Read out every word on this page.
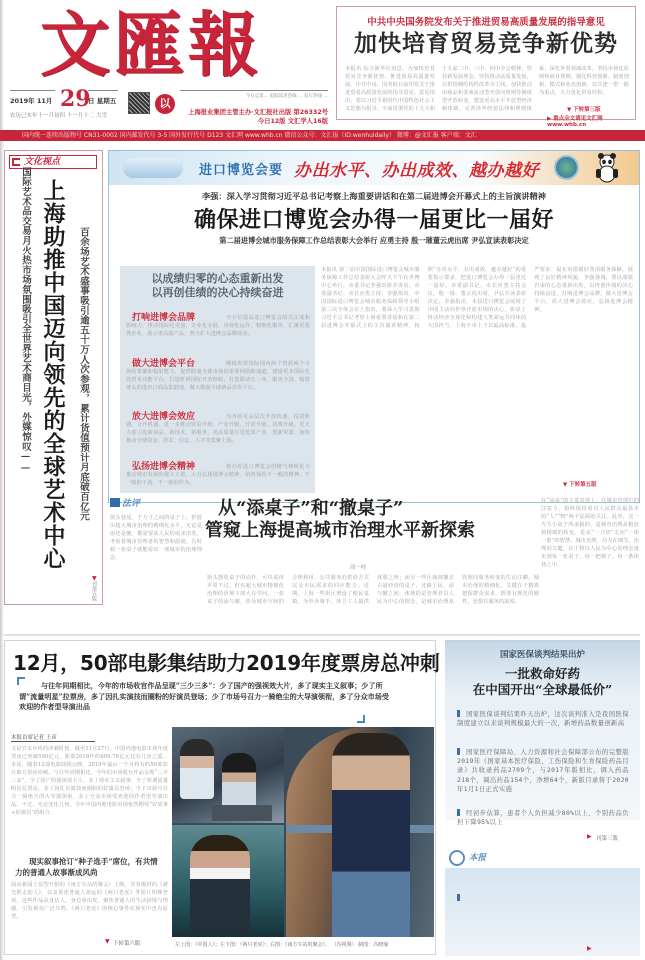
文匯報
2019年 11月 29
日 星期五
农历己亥年十一月初四 十一月十二 大雪
以
今日总第… 追踪读者热线 … 发行热线 …
上海报业集团主管主办·文汇报社出版 第26332号
今日12版 文汇学人16版
中共中央国务院发布关于推进贸易高质量发展的指导意见
加快培育贸易竞争新优势
本报讯 综合新华社消息，为加快培育贸易竞争新优势，推进贸易高质量发展，中共中央、国务院日前印发关于推进贸易高质量发展的指导意见。意见指出，要以习近平新时代中国特色社会主义思想为指导，全面贯彻党的十九大和十九届二中、三中、四中全会精神，坚持新发展理念，坚持推动高质量发展，以供给侧结构性改革为主线，加快推动由商品和要素流动型开放向规则等制度型开放转变，建设更高水平开放型经济新体制，完善涉外经贸法律和规则体系，深化外贸领域改革，坚持市场化原则和商业规则，强化科技创新、制度创新、模式和业态创新，以共建一带一路为重点，大力优化贸易结构。
▼ 下转第三版
▶ 重点全文请见文汇网 www.whb.cn
国内统一连续出版物号 CN31-0002 国内邮发代号 3-5 国外发行代号 D123 文汇网 www.whb.cn 微信公众号：文汇报（ID:wenhuidaily） 微博：@文汇报 客户端：文汇
文化视点
上海助推中国迈向领先的全球艺术中心 百余场艺术盛事吸引逾五十万人次参观，累计货值预计月底破百亿元
国际艺术品交易月火热市场氛围吸引全世界艺术商目光，外媒惊叹——
▼
刊第五版
进口博览会要 办出水平、办出成效、越办越好
李强：深入学习贯彻习近平总书记考察上海重要讲话和在第二届进博会开幕式上的主旨演讲精神
确保进口博览会办得一届更比一届好
第二届进博会城市服务保障工作总结表彰大会举行 应勇主持 殷一璀董云虎出席 尹弘宣读表彰决定
以成绩归零的心态重新出发
以再创佳绩的决心持续奋进
打响进博会品牌	全方位提高进口博览会的关注度和影响力，推动国际化更强、专业化办展、市场化运作、精细化服务，汇聚更优秀企业，展示更高端产品，努力扩大进博会品牌效应。
做大进博会平台	继续发挥国际国内两个资源两个市场的集聚和辐射能力，提供联通全球市场的重要网络和通道，建设更多国际化的贸易功能平台，打造虹桥国际开放枢纽，打造联动长三角、服务全国、辐射亚太的进出口商品集散地，做大做强全球新品首发平台。
放大进博会效应	为各国更高层次开放机遇、投资机遇、合作机遇，进一步推动贸易升级、产业升级、开放升级、消费升级，更大力度引进新展品、新技术、新服务，更高质量引进优质产业，创新资源，加快推动全球资金、技术、信息、人才等集聚上海。
弘扬进博会精神	将办好进口博览会的精气神转化为推动城市发展的强大力量，大力弘扬进博会精神，始终保持不一般的精神、不一般的干劲、不一般的作为。
本报讯 第二届中国国际进口博览会城市服务保障工作总结表彰大会昨天下午在世博中心举行。市委书记李强出席并讲话，市委副书记、市长应勇主持。李强指出，中国国际进口博览会城市服务保障领导小组第三次全体会议上指出，要深入学习贯彻习近平总书记考察上海重要讲话和在第二届进博会开幕式上的主旨演讲精神，按照“办出水平、办出成效、越办越好”的重要指示要求，把进口博览会办得一届更比一届好。市委副书记、市长应勇主持会议，殷一璀、董云虎出席，尹弘宣读表彰决定。李强指出，本届进口博览会展现了中国主动向世界开放市场的决心，彰显了推动经济全球化和构建人类命运共同体的大国担当。上海全市上下以最高标准、最严要求、最实举措做好各项服务保障，展现了良好精神风貌。李强强调，要以成绩归零的心态重新出发，以再创佳绩的决心持续奋进，打响进博会品牌，做大进博会平台，放大进博会效应，弘扬进博会精神。
▼ 下转第五版
法评
街头巷尾，于方寸之间的桌子上，折射出超大城市治理的精细化水平。无论是添还是撤，都需要从人民的需求出发，考验着城市管理者的智慧和温度。有时候一张桌子就能看出一座城市的治理理念。
从“添桌子”和“撤桌子”
管窥上海提高城市治理水平新探索
周一呼
街头摆放桌子的动作，可以说再平常不过，但在超大城市精细化治理的语境下却大有学问。一张桌子的添与撤，涉及城市空间的合理利用、公共服务的供给方式以及市民需求的回应能力。近期，上海一些街区增设了便民桌椅，为外卖骑手、环卫工人提供休憩之所；而另一些区域则撤去占道经营的桌子，还路于民。添与撤之间，体现的是管理者以人民为中心的理念，是城市治理从管理向服务转变的生动注脚。城市治理的精细化，关键在于精准把握群众需求，既要有规范的刚性，也要有服务的温度。
在“添桌”的主要表现上，在城市管理中的注意力，始终保持着对人民群众最基本的“人”“物”两个层面的关注。此外，这一方方小桌子所承载的，是城市治理从粗放到精细的转变，是从“一刀切”走向“一街一策”的智慧。城市治理，功夫在细节。治理的关键，在于将以人民为中心的理念落实到每一张桌子、每一把椅子、每一条街巷之中。
12月，50部电影集结助力2019年度票房总冲刺
与往年同期相比，今年的市场收官作品呈现“三少三多”：少了国产的强视效大片，多了现实主义叙事；少了所谓“流量明星”拉票房，多了因扎实演技而圈粉的好演员登场；少了市场号召力一骑绝尘的大导演领衔，多了分众市场受欢迎的作者型导演出品
本报首席记者 王彦
又是岁末年终的冲刺时刻。截至11月27日，中国内地电影市场年度票房已突破590亿元，距离2018年的609.76亿元仅有几步之遥。本周，随着12部电影陆续公映，2019年最后一个月将有约50部影片助力票房冲刺。与往年同期相比，今年的市场收官作品呈现“三少三多”，少了国产的强视效大片，多了现实主义叙事；少了所谓流量明星拉票房，多了因扎实演技而圈粉的好演员登场；少了市场号召力一骑绝尘的大导演领衔，多了分众市场受欢迎的作者型导演出品。不过，无论变化几何，今年中国内地电影市场依然期待“好故事+好演员”的组合。
现实叙事抢订“种子选手”席位，有共情力的普通人故事渐成风尚
面向新闻上原型开拍的《南方车站的聚会》上映，青春题材的《被光抓走的人》，以及讲述普通人命运的《两只老虎》等影片相继登场，这些作品从身边人、身边事出发，聚焦普通人的生活困境与情感，引发观众广泛共鸣。《两只老虎》的核心事件在现实中也有原型。
▼ 下转第六版	左上图：《中国人》；左下图：《两只老虎》；右图：《南方车站的聚会》。 （均视频） 制图：冯晓瑜
国家医保谈判结果出炉
一批救命好药
在中国开出“全球最低价”
国家医保谈判结果昨天出炉，这次谈判准入是我国医保制度建立以来谈判规模最大的一次，新增药品数量创新高
国家医疗保障局、人力资源和社会保障部公布的完整版2019年《国家基本医疗保险、工伤保险和生育保险药品目录》共收录药品2709个，与2017年版相比，调入药品218个，调出药品154个，净增64个，新版目录将于2020年1月1日正式实施
经初步估算，患者个人负担减少80%以上，个别药品负担下降95%以上
▶ 刊第三版
本报
▶
